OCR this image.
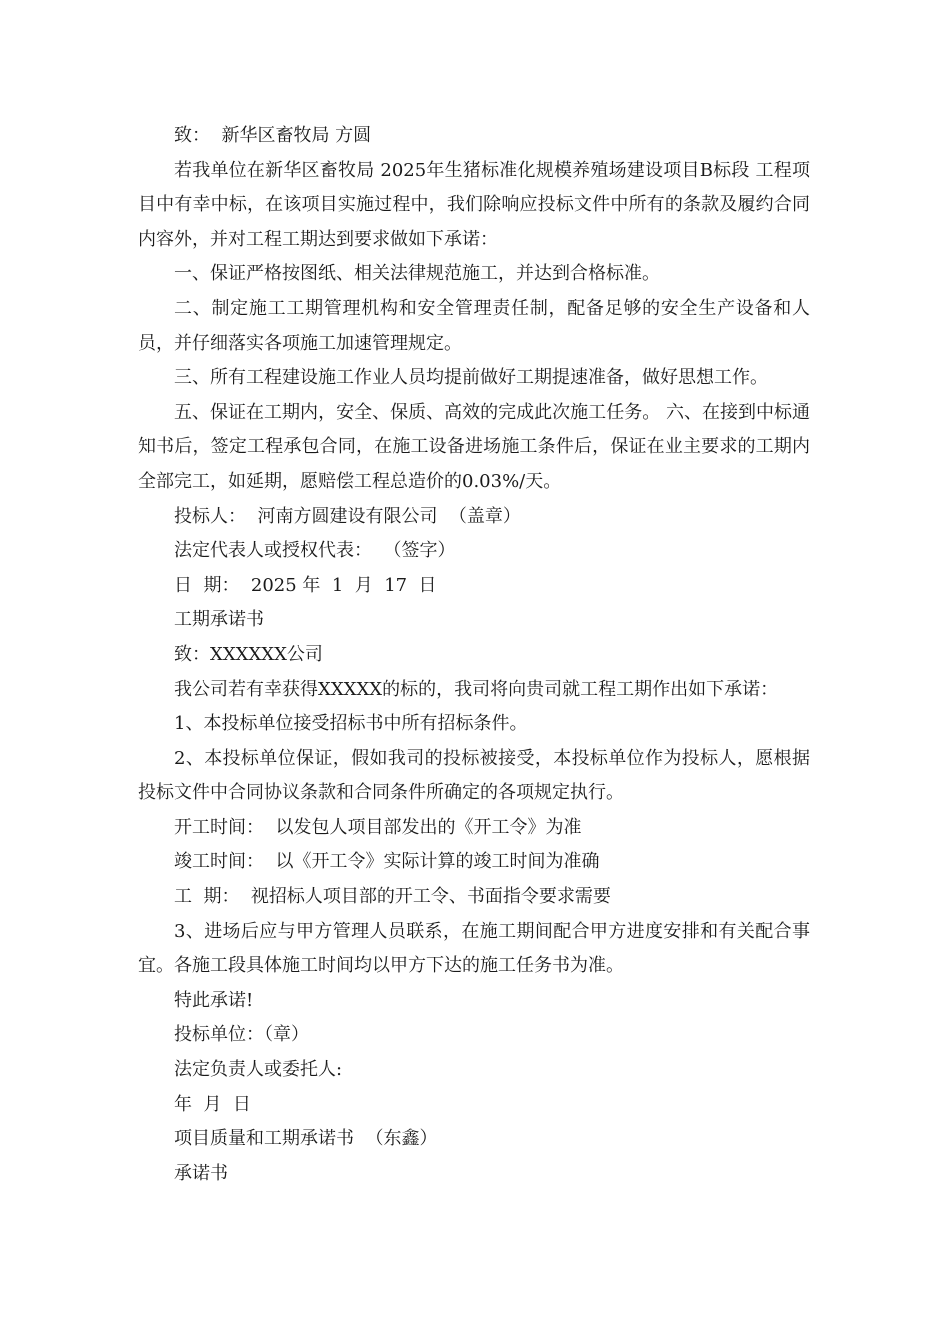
致：  新华区畜牧局 方圆

若我单位在新华区畜牧局 2025年生猪标准化规模养殖场建设项目B标段 工程项目中有幸中标，在该项目实施过程中，我们除响应投标文件中所有的条款及履约合同内容外，并对工程工期达到要求做如下承诺：

一、保证严格按图纸、相关法律规范施工，并达到合格标准。

二、制定施工工期管理机构和安全管理责任制，配备足够的安全生产设备和人员，并仔细落实各项施工加速管理规定。

三、所有工程建设施工作业人员均提前做好工期提速准备，做好思想工作。

五、保证在工期内，安全、保质、高效的完成此次施工任务。 六、在接到中标通知书后，签定工程承包合同，在施工设备进场施工条件后，保证在业主要求的工期内全部完工，如延期，愿赔偿工程总造价的0.03%/天。

投标人：  河南方圆建设有限公司  （盖章）

法定代表人或授权代表：  （签字）

日  期：  2025 年  1  月  17  日

工期承诺书

致：XXXXXX公司

我公司若有幸获得XXXXX的标的，我司将向贵司就工程工期作出如下承诺：

1、本投标单位接受招标书中所有招标条件。

2、本投标单位保证，假如我司的投标被接受，本投标单位作为投标人，愿根据投标文件中合同协议条款和合同条件所确定的各项规定执行。

开工时间：  以发包人项目部发出的《开工令》为准

竣工时间：  以《开工令》实际计算的竣工时间为准确

工  期：  视招标人项目部的开工令、书面指令要求需要

3、进场后应与甲方管理人员联系，在施工期间配合甲方进度安排和有关配合事宜。各施工段具体施工时间均以甲方下达的施工任务书为准。

特此承诺!

投标单位：（章）

法定负责人或委托人:

年  月  日

项目质量和工期承诺书  （东鑫）

承诺书
